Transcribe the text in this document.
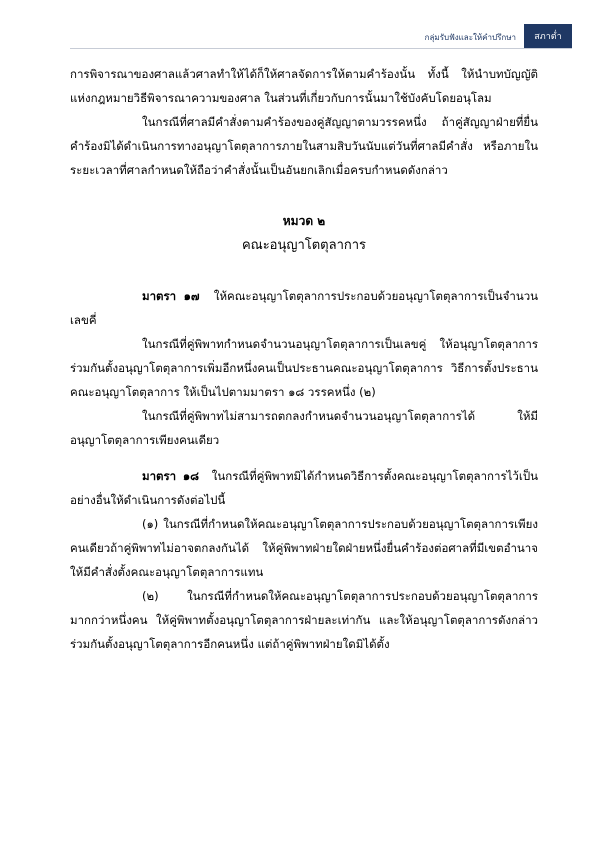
กลุ่มรับฟังและให้คำปรึกษา	สภาต่ำ

การพิจารณาของศาลแล้วศาลทำให้ได้ก็ให้ศาลจัดการให้ตามคำร้องนั้น ทั้งนี้ ให้นำบทบัญญัติแห่งกฎหมายวิธีพิจารณาความของศาล ในส่วนที่เกี่ยวกับการนั้นมาใช้บังคับโดยอนุโลม

ในกรณีที่ศาลมีคำสั่งตามคำร้องของคู่สัญญาตามวรรคหนึ่ง ถ้าคู่สัญญาฝ่ายที่ยื่นคำร้องมิได้ดำเนินการทางอนุญาโตตุลาการภายในสามสิบวันนับแต่วันที่ศาลมีคำสั่ง หรือภายในระยะเวลาที่ศาลกำหนดให้ถือว่าคำสั่งนั้นเป็นอันยกเลิกเมื่อครบกำหนดดังกล่าว

หมวด ๒
คณะอนุญาโตตุลาการ

มาตรา ๑๗ ให้คณะอนุญาโตตุลาการประกอบด้วยอนุญาโตตุลาการเป็นจำนวนเลขคี่

ในกรณีที่คู่พิพาทกำหนดจำนวนอนุญาโตตุลาการเป็นเลขคู่ ให้อนุญาโตตุลาการร่วมกันตั้งอนุญาโตตุลาการเพิ่มอีกหนึ่งคนเป็นประธานคณะอนุญาโตตุลาการ วิธีการตั้งประธานคณะอนุญาโตตุลาการ ให้เป็นไปตามมาตรา ๑๘ วรรคหนึ่ง (๒)

ในกรณีที่คู่พิพาทไม่สามารถตกลงกำหนดจำนวนอนุญาโตตุลาการได้ ให้มีอนุญาโตตุลาการเพียงคนเดียว

มาตรา ๑๘ ในกรณีที่คู่พิพาทมิได้กำหนดวิธีการตั้งคณะอนุญาโตตุลาการไว้เป็นอย่างอื่นให้ดำเนินการดังต่อไปนี้

(๑) ในกรณีที่กำหนดให้คณะอนุญาโตตุลาการประกอบด้วยอนุญาโตตุลาการเพียงคนเดียวถ้าคู่พิพาทไม่อาจตกลงกันได้ ให้คู่พิพาทฝ่ายใดฝ่ายหนึ่งยื่นคำร้องต่อศาลที่มีเขตอำนาจให้มีคำสั่งตั้งคณะอนุญาโตตุลาการแทน

(๒) ในกรณีที่กำหนดให้คณะอนุญาโตตุลาการประกอบด้วยอนุญาโตตุลาการมากกว่าหนึ่งคน ให้คู่พิพาทตั้งอนุญาโตตุลาการฝ่ายละเท่ากัน และให้อนุญาโตตุลาการดังกล่าวร่วมกันตั้งอนุญาโตตุลาการอีกคนหนึ่ง แต่ถ้าคู่พิพาทฝ่ายใดมิได้ตั้ง
